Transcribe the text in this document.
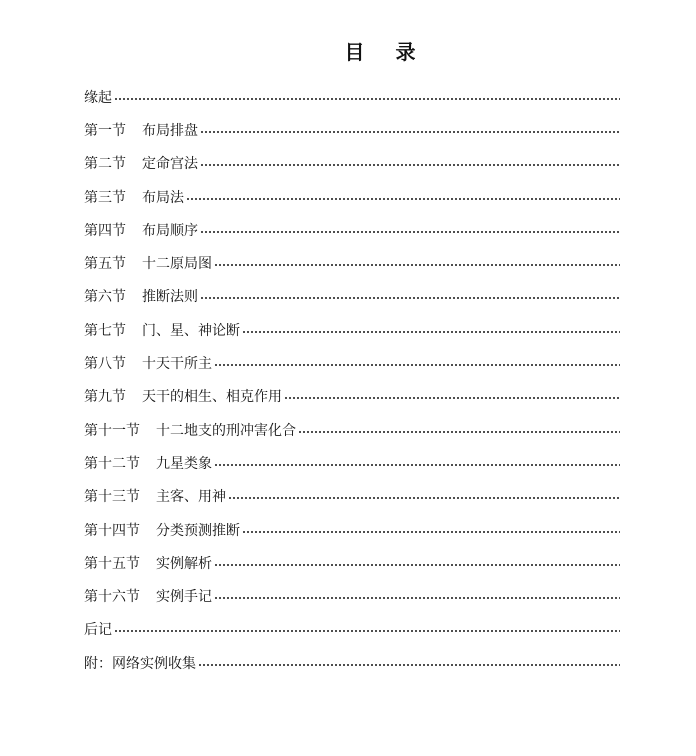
目 录
缘起
第一节 布局排盘
第二节 定命宫法
第三节 布局法
第四节 布局顺序
第五节 十二原局图
第六节 推断法则
第七节 门、星、神论断
第八节 十天干所主
第九节 天干的相生、相克作用
第十一节 十二地支的刑冲害化合
第十二节 九星类象
第十三节 主客、用神
第十四节 分类预测推断
第十五节 实例解析
第十六节 实例手记
后记
附：网络实例收集
